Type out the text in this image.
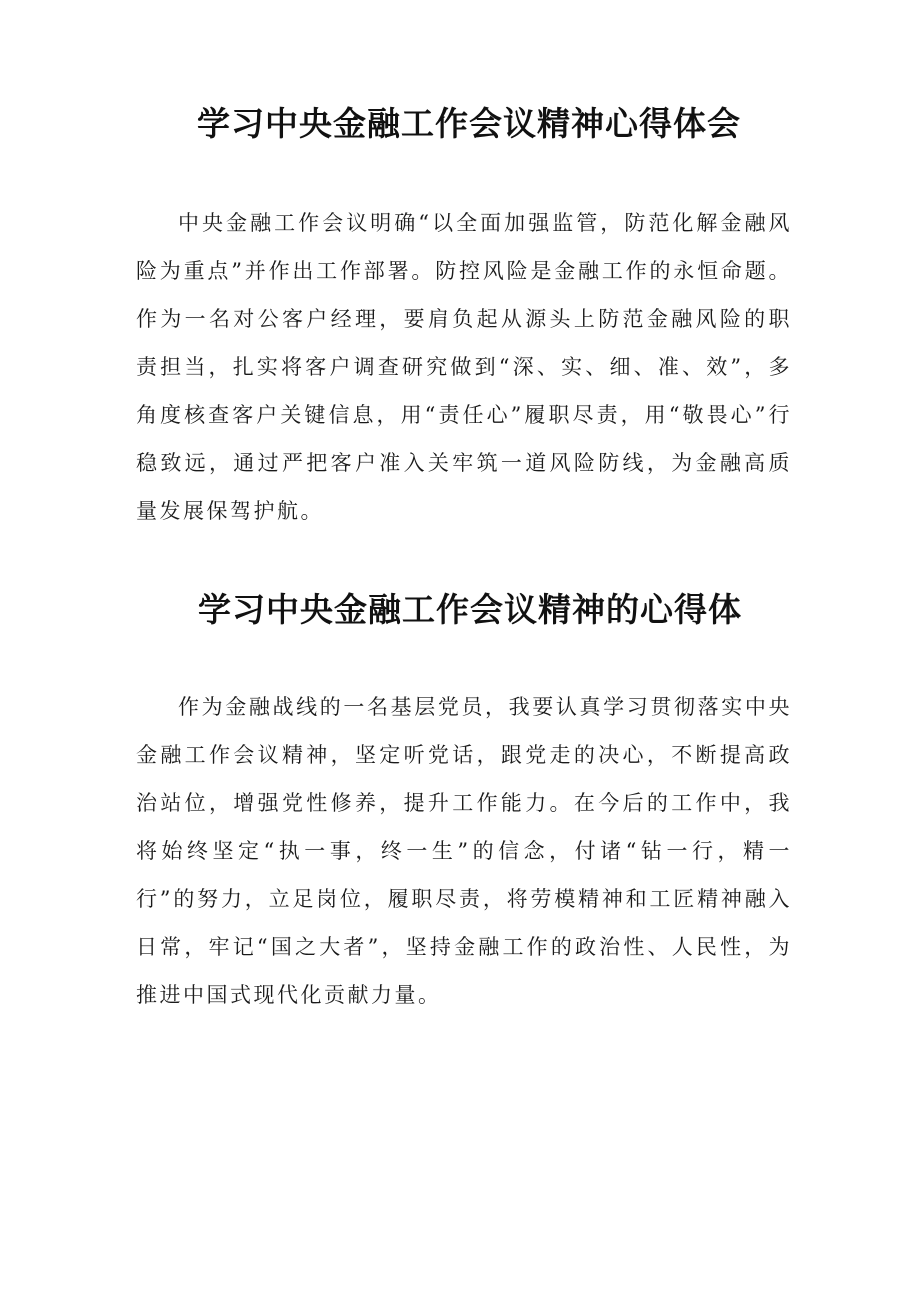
学习中央金融工作会议精神心得体会

中央金融工作会议明确“以全面加强监管，防范化解金融风险为重点”并作出工作部署。防控风险是金融工作的永恒命题。作为一名对公客户经理，要肩负起从源头上防范金融风险的职责担当，扎实将客户调查研究做到“深、实、细、准、效”，多角度核查客户关键信息，用“责任心”履职尽责，用“敬畏心”行稳致远，通过严把客户准入关牢筑一道风险防线，为金融高质量发展保驾护航。

学习中央金融工作会议精神的心得体

作为金融战线的一名基层党员，我要认真学习贯彻落实中央金融工作会议精神，坚定听党话，跟党走的决心，不断提高政治站位，增强党性修养，提升工作能力。在今后的工作中，我将始终坚定“执一事，终一生”的信念，付诸“钻一行，精一行”的努力，立足岗位，履职尽责，将劳模精神和工匠精神融入日常，牢记“国之大者”，坚持金融工作的政治性、人民性，为推进中国式现代化贡献力量。
